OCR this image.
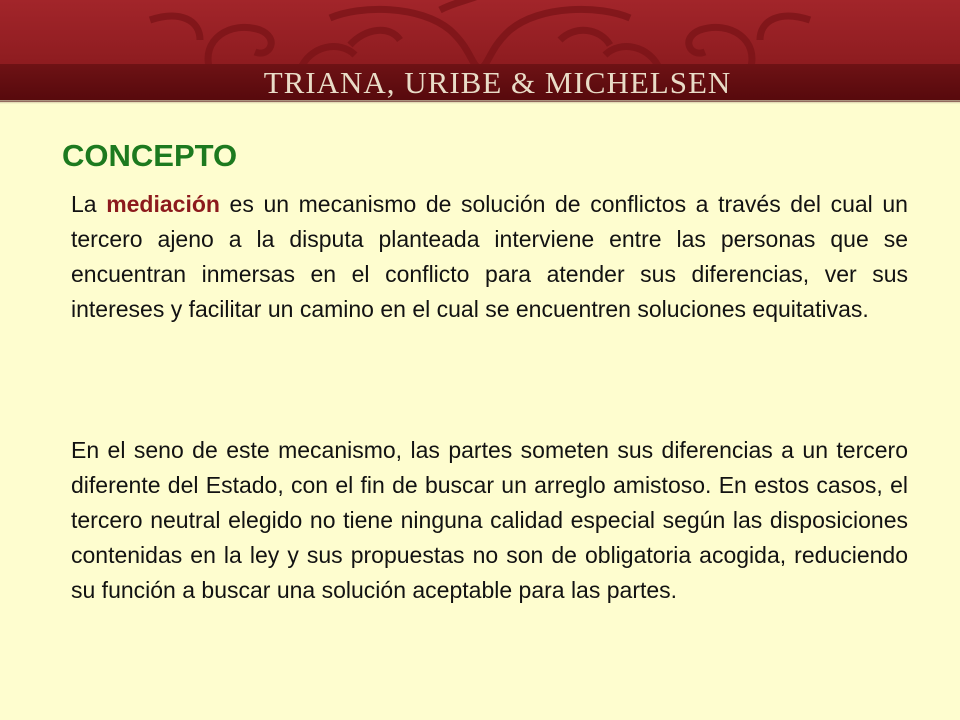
TRIANA, URIBE & MICHELSEN
CONCEPTO

La mediación es un mecanismo de solución de conflictos a través del cual un tercero ajeno a la disputa planteada interviene entre las personas que se encuentran inmersas en el conflicto para atender sus diferencias, ver sus intereses y facilitar un camino en el cual se encuentren soluciones equitativas.

En el seno de este mecanismo, las partes someten sus diferencias a un tercero diferente del Estado, con el fin de buscar un arreglo amistoso. En estos casos, el tercero neutral elegido no tiene ninguna calidad especial según las disposiciones contenidas en la ley y sus propuestas no son de obligatoria acogida, reduciendo su función a buscar una solución aceptable para las partes.
